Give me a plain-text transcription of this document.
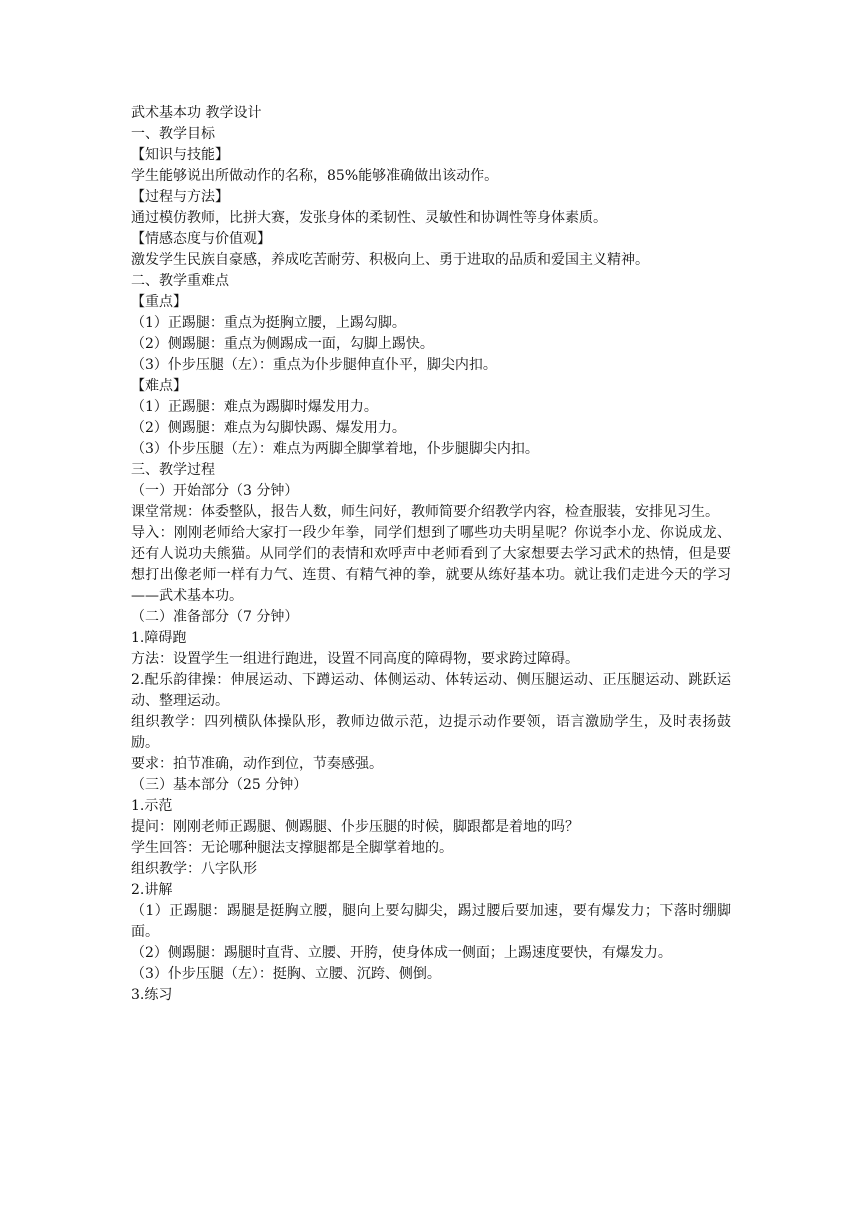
武术基本功 教学设计

一、教学目标

【知识与技能】

学生能够说出所做动作的名称，85%能够准确做出该动作。

【过程与方法】

通过模仿教师，比拼大赛，发张身体的柔韧性、灵敏性和协调性等身体素质。

【情感态度与价值观】

激发学生民族自豪感，养成吃苦耐劳、积极向上、勇于进取的品质和爱国主义精神。

二、教学重难点

【重点】

（1）正踢腿：重点为挺胸立腰，上踢勾脚。

（2）侧踢腿：重点为侧踢成一面，勾脚上踢快。

（3）仆步压腿（左）：重点为仆步腿伸直仆平，脚尖内扣。

【难点】

（1）正踢腿：难点为踢脚时爆发用力。

（2）侧踢腿：难点为勾脚快踢、爆发用力。

（3）仆步压腿（左）：难点为两脚全脚掌着地，仆步腿脚尖内扣。

三、教学过程

（一）开始部分（3 分钟）

课堂常规：体委整队，报告人数，师生问好，教师简要介绍教学内容，检查服装，安排见习生。

导入：刚刚老师给大家打一段少年拳，同学们想到了哪些功夫明星呢？你说李小龙、你说成龙、还有人说功夫熊猫。从同学们的表情和欢呼声中老师看到了大家想要去学习武术的热情，但是要想打出像老师一样有力气、连贯、有精气神的拳，就要从练好基本功。就让我们走进今天的学习——武术基本功。

（二）准备部分（7 分钟）

1.障碍跑

方法：设置学生一组进行跑进，设置不同高度的障碍物，要求跨过障碍。

2.配乐韵律操：伸展运动、下蹲运动、体侧运动、体转运动、侧压腿运动、正压腿运动、跳跃运动、整理运动。

组织教学：四列横队体操队形，教师边做示范，边提示动作要领，语言激励学生，及时表扬鼓励。

要求：拍节准确，动作到位，节奏感强。

（三）基本部分（25 分钟）

1.示范

提问：刚刚老师正踢腿、侧踢腿、仆步压腿的时候，脚跟都是着地的吗？

学生回答：无论哪种腿法支撑腿都是全脚掌着地的。

组织教学：八字队形

2.讲解

（1）正踢腿：踢腿是挺胸立腰，腿向上要勾脚尖，踢过腰后要加速，要有爆发力；下落时绷脚面。

（2）侧踢腿：踢腿时直背、立腰、开胯，使身体成一侧面；上踢速度要快，有爆发力。

（3）仆步压腿（左）：挺胸、立腰、沉跨、侧倒。

3.练习
